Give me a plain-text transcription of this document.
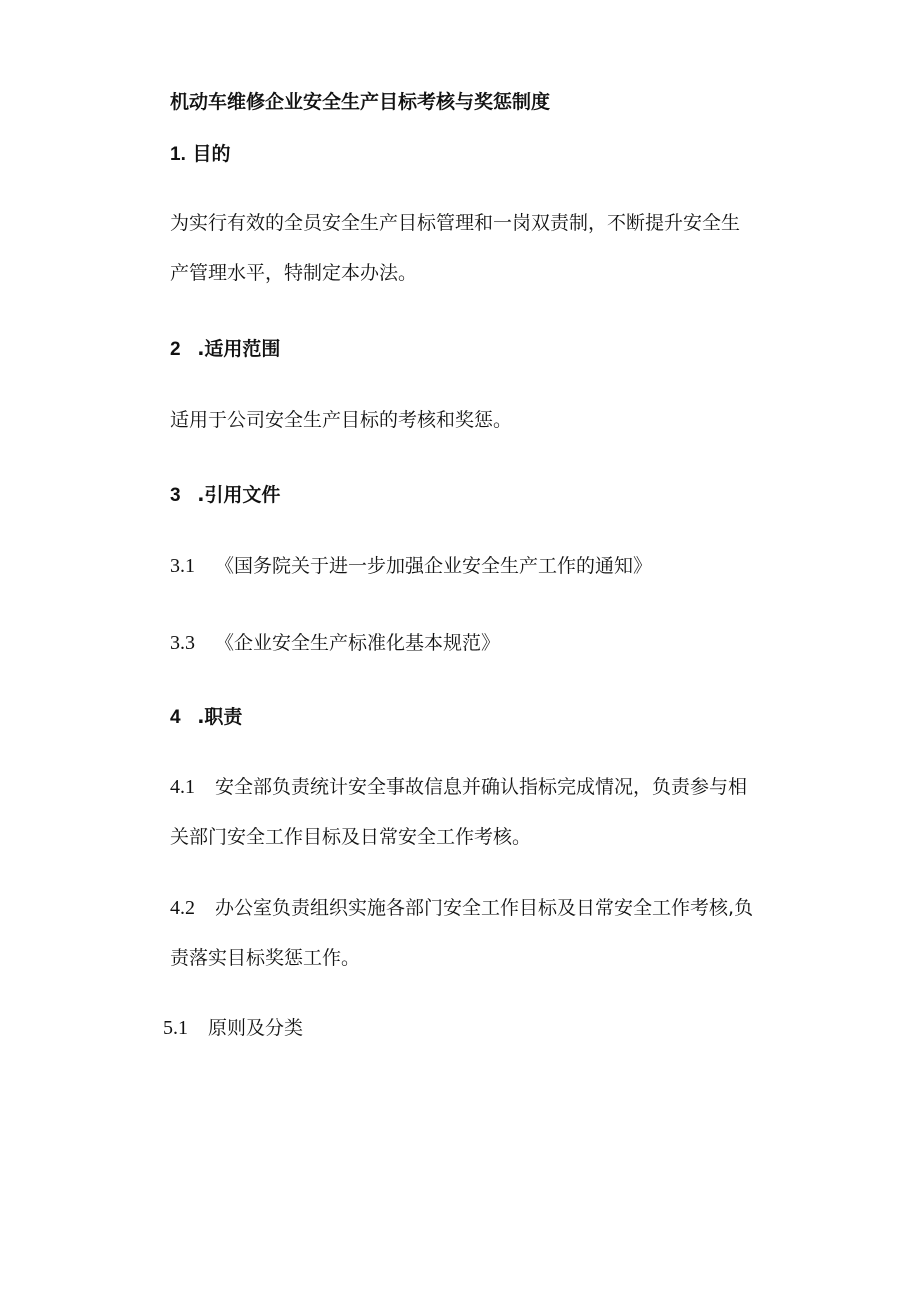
机动车维修企业安全生产目标考核与奖惩制度
1. 目的
为实行有效的全员安全生产目标管理和一岗双责制，不断提升安全生
产管理水平，特制定本办法。
2 .适用范围
适用于公司安全生产目标的考核和奖惩。
3 .引用文件
3.1 《国务院关于进一步加强企业安全生产工作的通知》
3.3 《企业安全生产标准化基本规范》
4 .职责
4.1 安全部负责统计安全事故信息并确认指标完成情况，负责参与相
关部门安全工作目标及日常安全工作考核。
4.2 办公室负责组织实施各部门安全工作目标及日常安全工作考核,负
责落实目标奖惩工作。
5.1 原则及分类
